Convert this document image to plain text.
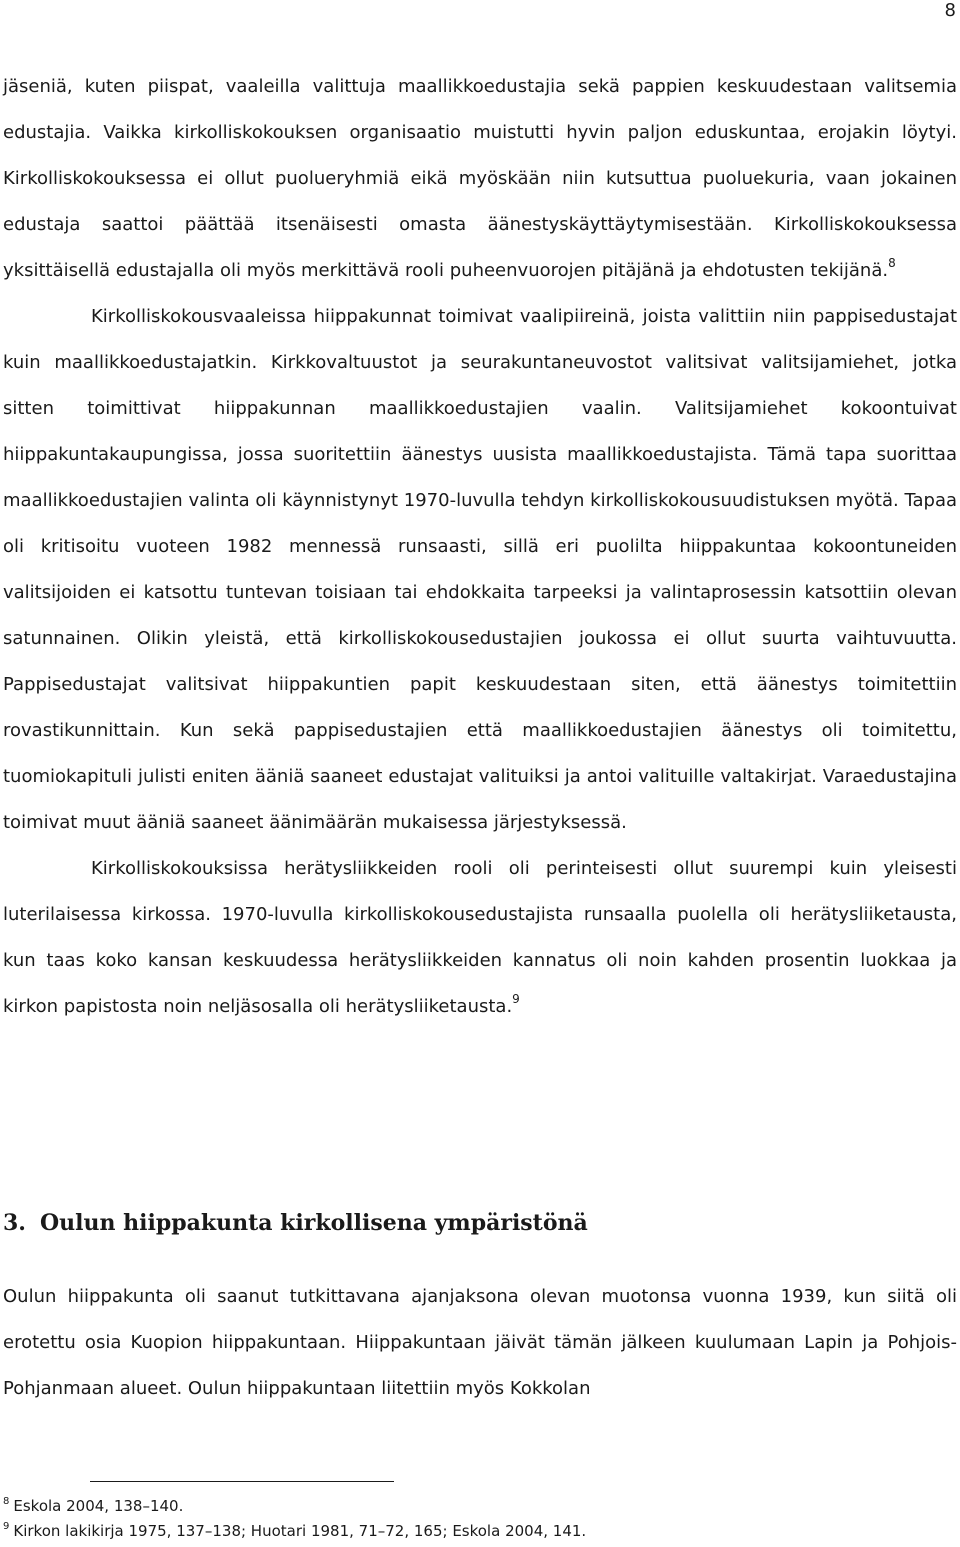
8

jäseniä, kuten piispat, vaaleilla valittuja maallikkoedustajia sekä pappien keskuudestaan valitsemia edustajia. Vaikka kirkolliskokouksen organisaatio muistutti hyvin paljon eduskuntaa, erojakin löytyi. Kirkolliskokouksessa ei ollut puolueryhmiä eikä myöskään niin kutsuttua puoluekuria, vaan jokainen edustaja saattoi päättää itsenäisesti omasta äänestyskäyttäytymisestään. Kirkolliskokouksessa yksittäisellä edustajalla oli myös merkittävä rooli puheenvuorojen pitäjänä ja ehdotusten tekijänä.$^8$

Kirkolliskokousvaaleissa hiippakunnat toimivat vaalipiireinä, joista valittiin niin pappisedustajat kuin maallikkoedustajatkin. Kirkkovaltuustot ja seurakuntaneuvostot valitsivat valitsijamiehet, jotka sitten toimittivat hiippakunnan maallikkoedustajien vaalin. Valitsijamiehet kokoontuivat hiippakuntakaupungissa, jossa suoritettiin äänestys uusista maallikkoedustajista. Tämä tapa suorittaa maallikkoedustajien valinta oli käynnistynyt 1970-luvulla tehdyn kirkolliskokousuudistuksen myötä. Tapaa oli kritisoitu vuoteen 1982 mennessä runsaasti, sillä eri puolilta hiippakuntaa kokoontuneiden valitsijoiden ei katsottu tuntevan toisiaan tai ehdokkaita tarpeeksi ja valintaprosessin katsottiin olevan satunnainen. Olikin yleistä, että kirkolliskokousedustajien joukossa ei ollut suurta vaihtuvuutta. Pappisedustajat valitsivat hiippakuntien papit keskuudestaan siten, että äänestys toimitettiin rovastikunnittain. Kun sekä pappisedustajien että maallikkoedustajien äänestys oli toimitettu, tuomiokapituli julisti eniten ääniä saaneet edustajat valituiksi ja antoi valituille valtakirjat. Varaedustajina toimivat muut ääniä saaneet äänimäärän mukaisessa järjestyksessä.

Kirkolliskokouksissa herätysliikkeiden rooli oli perinteisesti ollut suurempi kuin yleisesti luterilaisessa kirkossa. 1970-luvulla kirkolliskokousedustajista runsaalla puolella oli herätysliiketausta, kun taas koko kansan keskuudessa herätysliikkeiden kannatus oli noin kahden prosentin luokkaa ja kirkon papistosta noin neljäsosalla oli herätysliiketausta.$^9$

3. Oulun hiippakunta kirkollisena ympäristönä

Oulun hiippakunta oli saanut tutkittavana ajanjaksona olevan muotonsa vuonna 1939, kun siitä oli erotettu osia Kuopion hiippakuntaan. Hiippakuntaan jäivät tämän jälkeen kuulumaan Lapin ja Pohjois-Pohjanmaan alueet. Oulun hiippakuntaan liitettiin myös Kokkolan

$^8$ Eskola 2004, 138–140.

$^9$ Kirkon lakikirja 1975, 137–138; Huotari 1981, 71–72, 165; Eskola 2004, 141.
